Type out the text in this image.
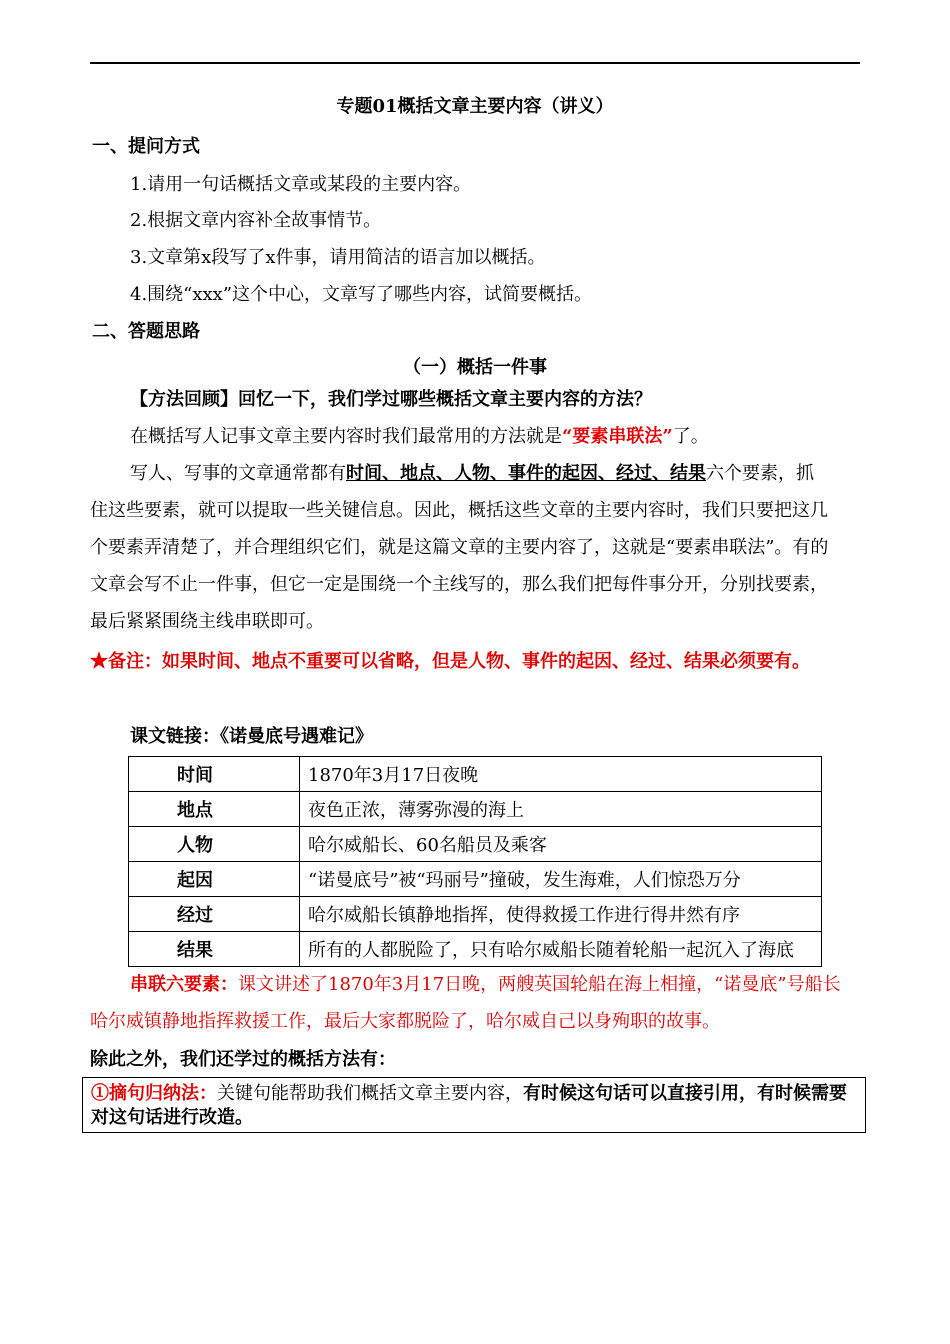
专题01概括文章主要内容（讲义）
一、提问方式
1.请用一句话概括文章或某段的主要内容。
2.根据文章内容补全故事情节。
3.文章第x段写了x件事，请用简洁的语言加以概括。
4.围绕“xxx”这个中心，文章写了哪些内容，试简要概括。
二、答题思路
（一）概括一件事
【方法回顾】回忆一下，我们学过哪些概括文章主要内容的方法？
在概括写人记事文章主要内容时我们最常用的方法就是“要素串联法”了。
写人、写事的文章通常都有时间、地点、人物、事件的起因、经过、结果六个要素，抓住这些要素，就可以提取一些关键信息。因此，概括这些文章的主要内容时，我们只要把这几个要素弄清楚了，并合理组织它们，就是这篇文章的主要内容了，这就是“要素串联法”。有的文章会写不止一件事，但它一定是围绕一个主线写的，那么我们把每件事分开，分别找要素，最后紧紧围绕主线串联即可。
★备注：如果时间、地点不重要可以省略，但是人物、事件的起因、经过、结果必须要有。
课文链接：《诺曼底号遇难记》
时间	1870年3月17日夜晚
地点	夜色正浓，薄雾弥漫的海上
人物	哈尔威船长、60名船员及乘客
起因	“诺曼底号”被“玛丽号”撞破，发生海难，人们惊恐万分
经过	哈尔威船长镇静地指挥，使得救援工作进行得井然有序
结果	所有的人都脱险了，只有哈尔威船长随着轮船一起沉入了海底
串联六要素：课文讲述了1870年3月17日晚，两艘英国轮船在海上相撞，“诺曼底”号船长哈尔威镇静地指挥救援工作，最后大家都脱险了，哈尔威自己以身殉职的故事。
除此之外，我们还学过的概括方法有：
①摘句归纳法：关键句能帮助我们概括文章主要内容，有时候这句话可以直接引用，有时候需要对这句话进行改造。
